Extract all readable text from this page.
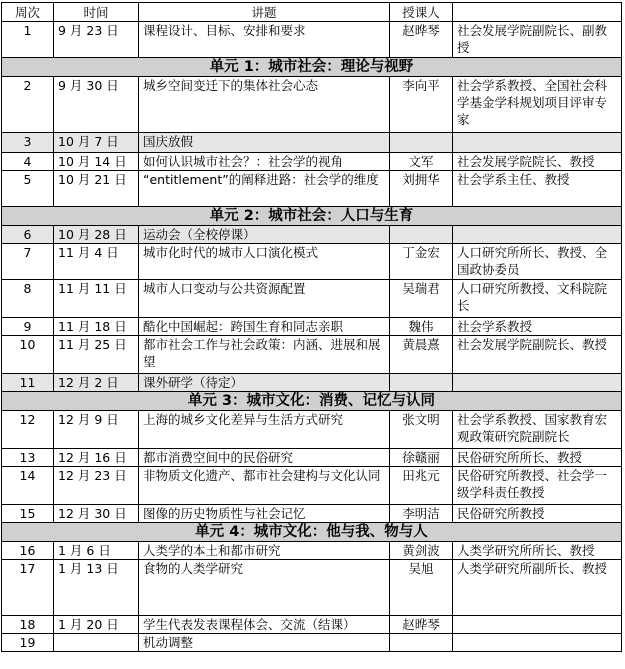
周次	时间	讲题	授课人	
1	9 月 23 日	课程设计、目标、安排和要求	赵晔琴	社会发展学院副院长、副教授
单元 1：城市社会：理论与视野				
2	9 月 30 日	城乡空间变迁下的集体社会心态	李向平	社会学系教授、全国社会科学基金学科规划项目评审专家
3	10 月 7 日	国庆放假		
4	10 月 14 日	如何认识城市社会？：社会学的视角	文军	社会发展学院院长、教授
5	10 月 21 日	“entitlement”的阐释进路：社会学的维度	刘拥华	社会学系主任、教授
单元 2：城市社会：人口与生育				
6	10 月 28 日	运动会（全校停课）		
7	11 月 4 日	城市化时代的城市人口演化模式	丁金宏	人口研究所所长、教授、全国政协委员
8	11 月 11 日	城市人口变动与公共资源配置	吴瑞君	人口研究所教授、文科院院长
9	11 月 18 日	酷化中国崛起：跨国生育和同志亲职	魏伟	社会学系教授
10	11 月 25 日	都市社会工作与社会政策：内涵、进展和展望	黄晨熹	社会发展学院副院长、教授
11	12 月 2 日	课外研学（待定）		
单元 3：城市文化：消费、记忆与认同				
12	12 月 9 日	上海的城乡文化差异与生活方式研究	张文明	社会学系教授、国家教育宏观政策研究院副院长
13	12 月 16 日	都市消费空间中的民俗研究	徐赣丽	民俗研究所所长、教授
14	12 月 23 日	非物质文化遗产、都市社会建构与文化认同	田兆元	民俗研究所教授、社会学一级学科责任教授
15	12 月 30 日	图像的历史物质性与社会记忆	李明洁	民俗研究所教授
单元 4：城市文化：他与我、物与人				
16	1 月 6 日	人类学的本土和都市研究	黄剑波	人类学研究所所长、教授
17	1 月 13 日	食物的人类学研究	吴旭	人类学研究所副所长、教授
18	1 月 20 日	学生代表发表课程体会、交流（结课）	赵晔琴	
19		机动调整		
